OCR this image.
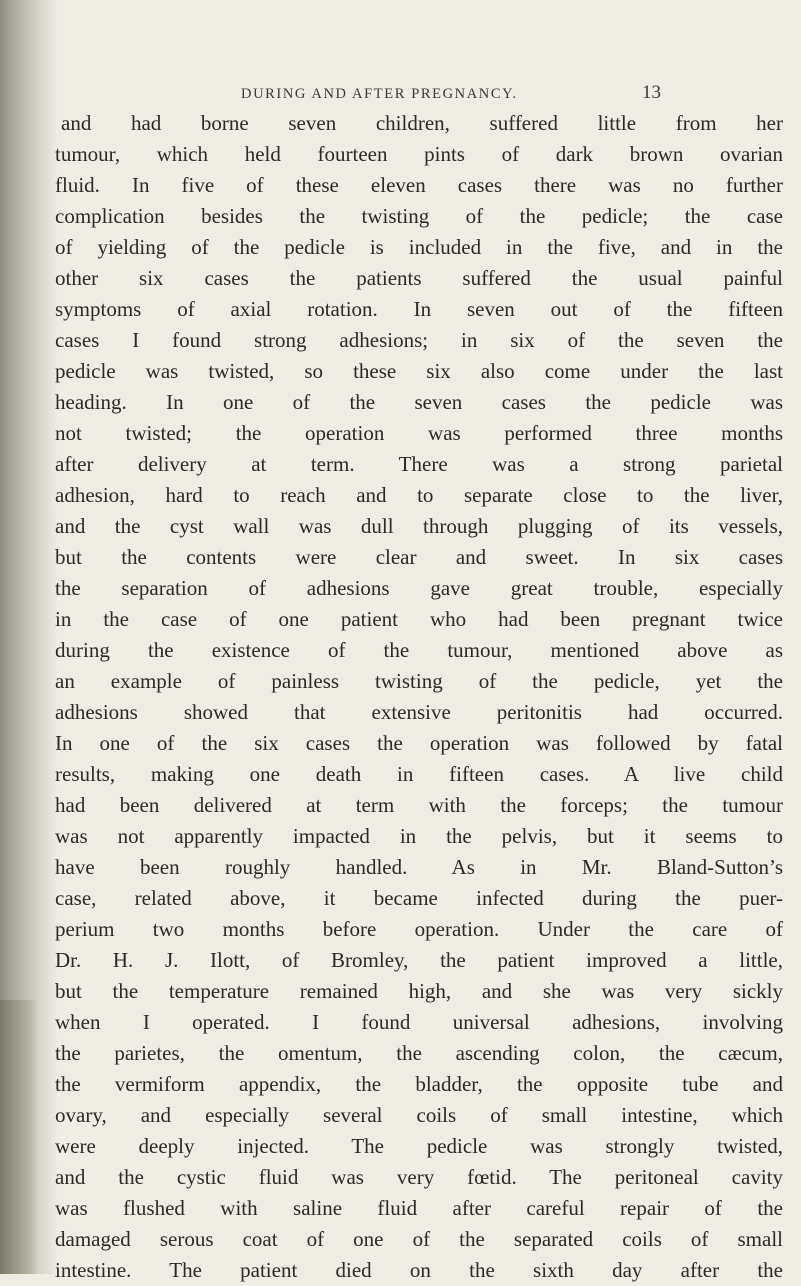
DURING AND AFTER PREGNANCY.	13
and had borne seven children, suffered little from her
tumour, which held fourteen pints of dark brown ovarian
fluid. In five of these eleven cases there was no further
complication besides the twisting of the pedicle; the case
of yielding of the pedicle is included in the five, and in the
other six cases the patients suffered the usual painful
symptoms of axial rotation. In seven out of the fifteen
cases I found strong adhesions; in six of the seven the
pedicle was twisted, so these six also come under the last
heading. In one of the seven cases the pedicle was
not twisted; the operation was performed three months
after delivery at term. There was a strong parietal
adhesion, hard to reach and to separate close to the liver,
and the cyst wall was dull through plugging of its vessels,
but the contents were clear and sweet. In six cases
the separation of adhesions gave great trouble, especially
in the case of one patient who had been pregnant twice
during the existence of the tumour, mentioned above as
an example of painless twisting of the pedicle, yet the
adhesions showed that extensive peritonitis had occurred.
In one of the six cases the operation was followed by fatal
results, making one death in fifteen cases. A live child
had been delivered at term with the forceps; the tumour
was not apparently impacted in the pelvis, but it seems to
have been roughly handled. As in Mr. Bland-Sutton’s
case, related above, it became infected during the puer-
perium two months before operation. Under the care of
Dr. H. J. Ilott, of Bromley, the patient improved a little,
but the temperature remained high, and she was very sickly
when I operated. I found universal adhesions, involving
the parietes, the omentum, the ascending colon, the cæcum,
the vermiform appendix, the bladder, the opposite tube and
ovary, and especially several coils of small intestine, which
were deeply injected. The pedicle was strongly twisted,
and the cystic fluid was very fœtid. The peritoneal cavity
was flushed with saline fluid after careful repair of the
damaged serous coat of one of the separated coils of small
intestine. The patient died on the sixth day after the
